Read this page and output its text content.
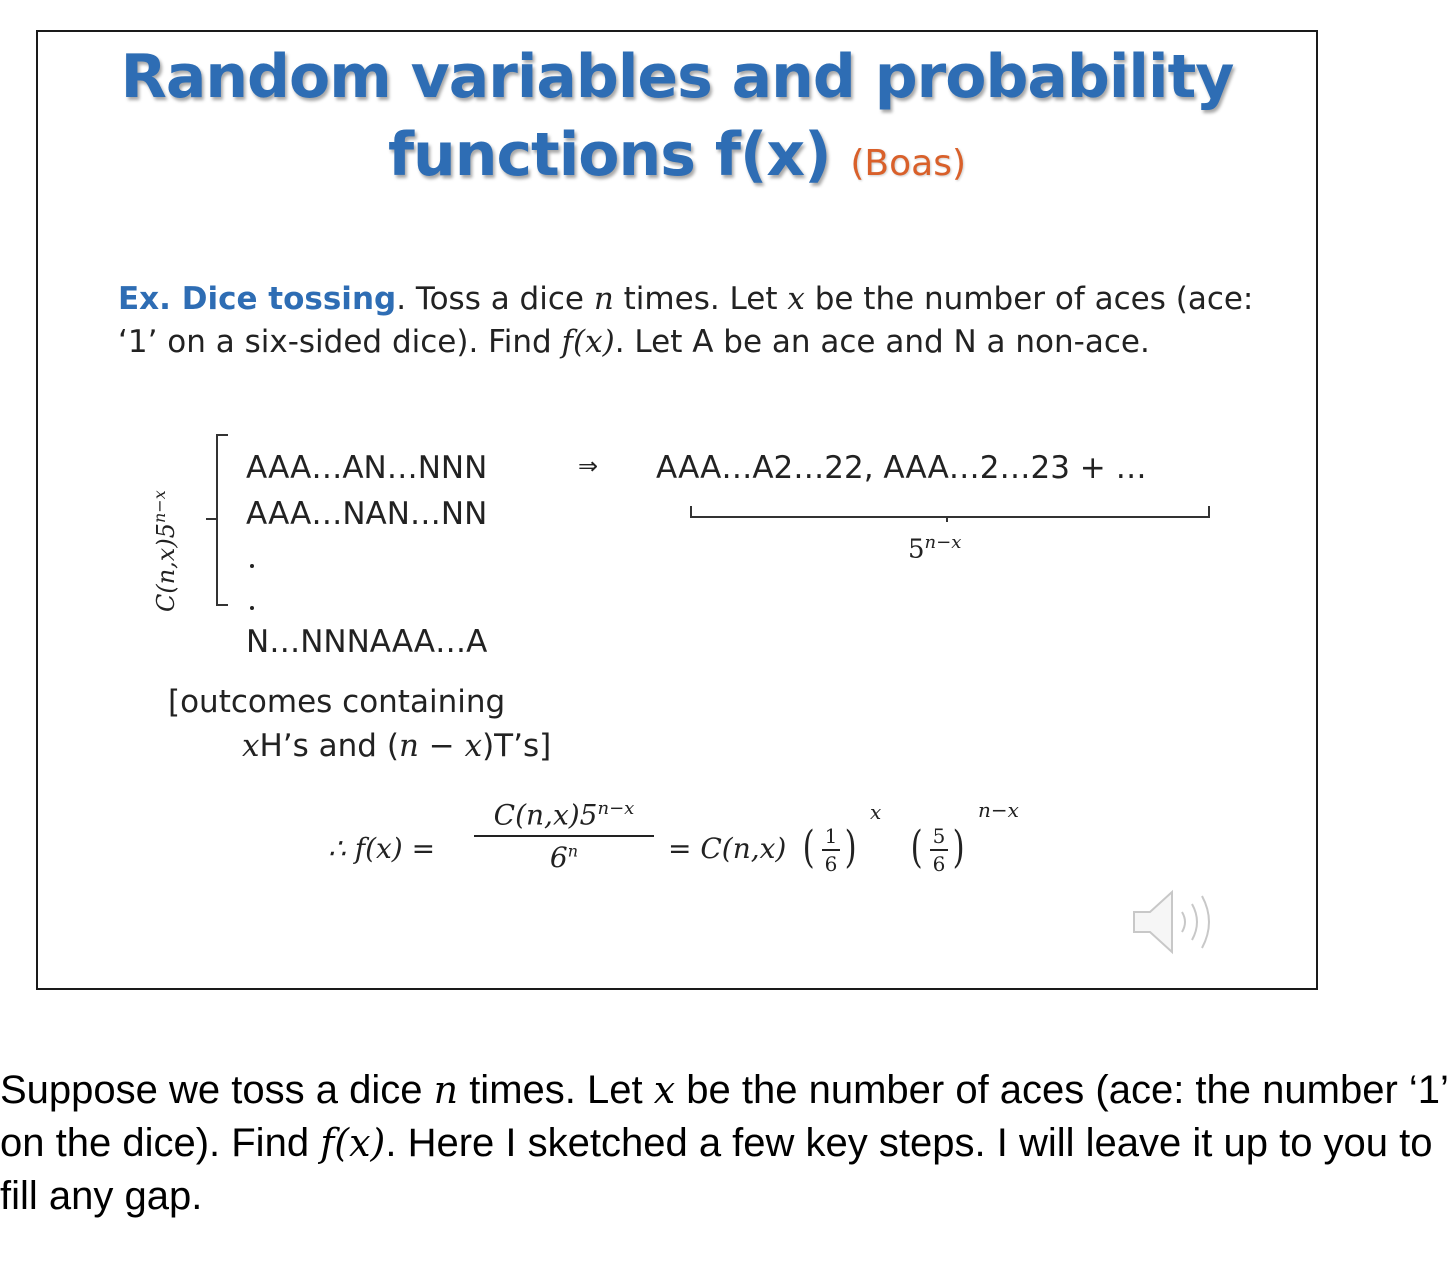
Random variables and probability
functions f(x) (Boas)
Ex. Dice tossing. Toss a dice n times. Let x be the number of aces (ace: ‘1’ on a six-sided dice). Find f(x). Let A be an ace and N a non-ace.
$C(n,x)5^{n-x}$
AAA…AN…NNN
AAA…NAN…NN
N…NNNAAA…A
⇒ AAA…A2…22, AAA…2…23 + …
$5^{n-x}$
[outcomes containing
xH’s and (n − x)T’s]
∴ f(x) =
$C(n,x)5^{n-x}$
$6^n$	= C(n,x) ( 1
6 )
x
( 5
6 )
n−x
Suppose we toss a dice n times. Let x be the number of aces (ace: the number ‘1’ on the dice). Find f(x). Here I sketched a few key steps. I will leave it up to you to fill any gap.
